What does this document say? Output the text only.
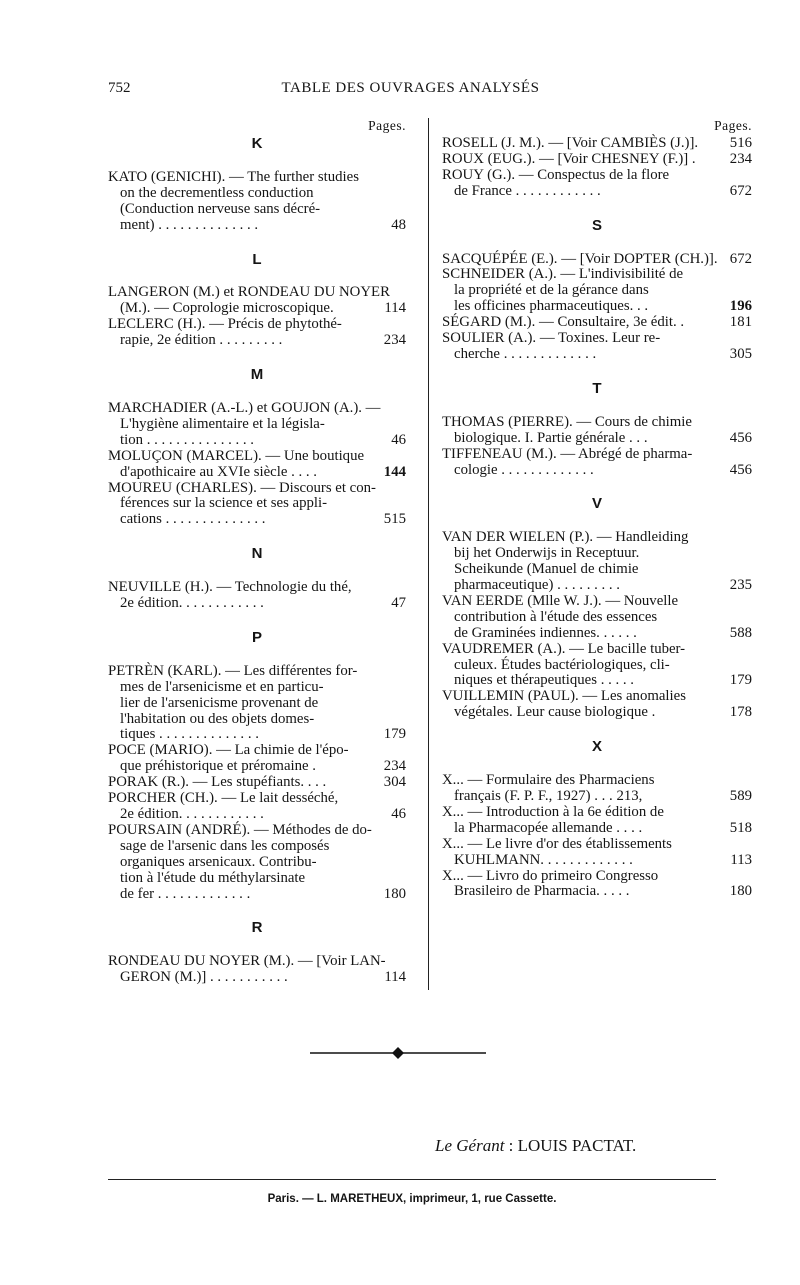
752	TABLE DES OUVRAGES ANALYSÉS
Pages.
K
KATO (GENICHI). — The further studies
on the decrementless conduction
(Conduction nerveuse sans décré-
ment) . . . . . . . . . . . . . .	48
L
LANGERON (M.) et RONDEAU DU NOYER
(M.). — Coprologie microscopique.	114
LECLERC (H.). — Précis de phytothé-
rapie, 2e édition . . . . . . . . .	234
M
MARCHADIER (A.-L.) et GOUJON (A.). —
L'hygiène alimentaire et la législa-
tion . . . . . . . . . . . . . . .	46
MOLUÇON (MARCEL). — Une boutique
d'apothicaire au XVIe siècle . . . .	144
MOUREU (CHARLES). — Discours et con-
férences sur la science et ses appli-
cations . . . . . . . . . . . . . .	515
N
NEUVILLE (H.). — Technologie du thé,
2e édition. . . . . . . . . . . .	47
P
PETRÈN (KARL). — Les différentes for-
mes de l'arsenicisme et en particu-
lier de l'arsenicisme provenant de
l'habitation ou des objets domes-
tiques . . . . . . . . . . . . . .	179
POCE (MARIO). — La chimie de l'épo-
que préhistorique et préromaine .	234
PORAK (R.). — Les stupéfiants. . . .	304
PORCHER (CH.). — Le lait desséché,
2e édition. . . . . . . . . . . .	46
POURSAIN (ANDRÉ). — Méthodes de do-
sage de l'arsenic dans les composés
organiques arsenicaux. Contribu-
tion à l'étude du méthylarsinate
de fer . . . . . . . . . . . . .	180
R
RONDEAU DU NOYER (M.). — [Voir LAN-
GERON (M.)] . . . . . . . . . . .	114
Pages.
ROSELL (J. M.). — [Voir CAMBIÈS (J.)].	516
ROUX (EUG.). — [Voir CHESNEY (F.)] .	234
ROUY (G.). — Conspectus de la flore
de France . . . . . . . . . . . .	672
S
SACQUÉPÉE (E.). — [Voir DOPTER (CH.)]. 672
SCHNEIDER (A.). — L'indivisibilité de
la propriété et de la gérance dans
les officines pharmaceutiques. . .	196
SÉGARD (M.). — Consultaire, 3e édit. .	181
SOULIER (A.). — Toxines. Leur re-
cherche . . . . . . . . . . . . .	305
T
THOMAS (PIERRE). — Cours de chimie
biologique. I. Partie générale . . .	456
TIFFENEAU (M.). — Abrégé de pharma-
cologie . . . . . . . . . . . . .	456
V
VAN DER WIELEN (P.). — Handleiding
bij het Onderwijs in Receptuur.
Scheikunde (Manuel de chimie
pharmaceutique) . . . . . . . . .	235
VAN EERDE (Mlle W. J.). — Nouvelle
contribution à l'étude des essences
de Graminées indiennes. . . . . .	588
VAUDREMER (A.). — Le bacille tuber-
culeux. Études bactériologiques, cli-
niques et thérapeutiques . . . . .	179
VUILLEMIN (PAUL). — Les anomalies
végétales. Leur cause biologique .	178
X
X... — Formulaire des Pharmaciens
français (F. P. F., 1927) . . . 213,	589
X... — Introduction à la 6e édition de
la Pharmacopée allemande . . . .	518
X... — Le livre d'or des établissements
KUHLMANN. . . . . . . . . . . . .	113
X... — Livro do primeiro Congresso
Brasileiro de Pharmacia. . . . .	180
Le Gérant : LOUIS PACTAT.
Paris. — L. MARETHEUX, imprimeur, 1, rue Cassette.
